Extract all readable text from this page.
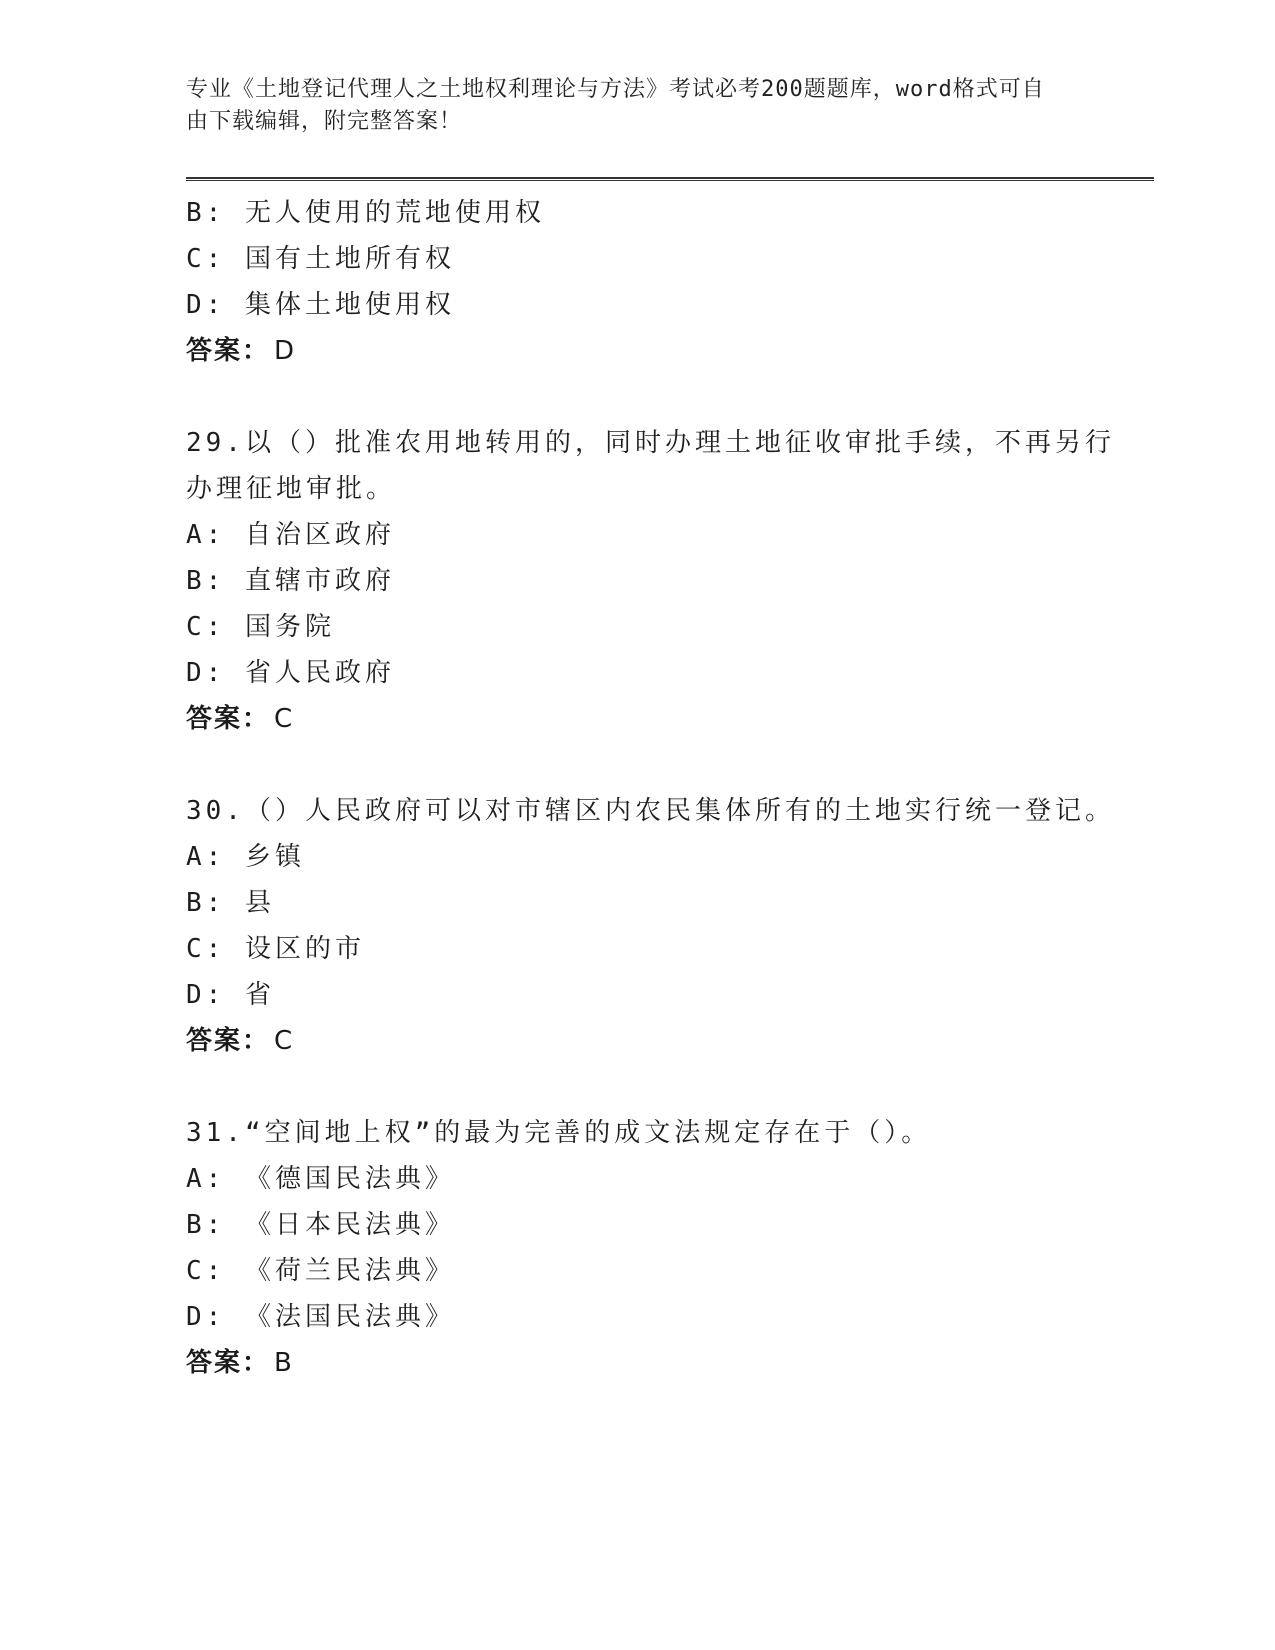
专业《土地登记代理人之土地权利理论与方法》考试必考200题题库，word格式可自由下载编辑，附完整答案！
B: 无人使用的荒地使用权
C: 国有土地所有权
D: 集体土地使用权
答案： D
29.以（）批准农用地转用的，同时办理土地征收审批手续，不再另行办理征地审批。
A: 自治区政府
B: 直辖市政府
C: 国务院
D: 省人民政府
答案： C
30.（）人民政府可以对市辖区内农民集体所有的土地实行统一登记。
A: 乡镇
B: 县
C: 设区的市
D: 省
答案： C
31.“空间地上权”的最为完善的成文法规定存在于（）。
A: 《德国民法典》
B: 《日本民法典》
C: 《荷兰民法典》
D: 《法国民法典》
答案： B
